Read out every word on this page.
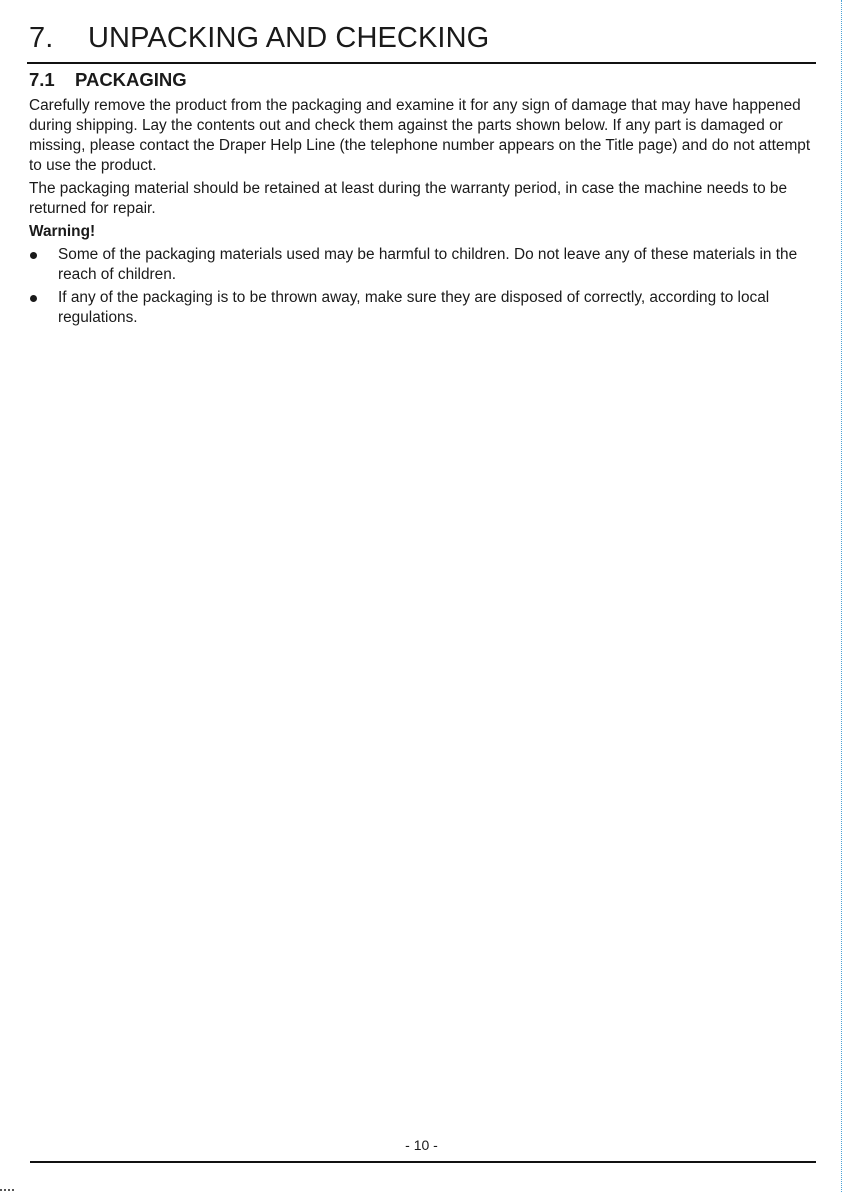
7. UNPACKING AND CHECKING
7.1 PACKAGING

Carefully remove the product from the packaging and examine it for any sign of damage that may have happened during shipping. Lay the contents out and check them against the parts shown below. If any part is damaged or missing, please contact the Draper Help Line (the telephone number appears on the Title page) and do not attempt to use the product.

The packaging material should be retained at least during the warranty period, in case the machine needs to be returned for repair.

Warning!
Some of the packaging materials used may be harmful to children. Do not leave any of these materials in the reach of children.
If any of the packaging is to be thrown away, make sure they are disposed of correctly, according to local regulations.
- 10 -
